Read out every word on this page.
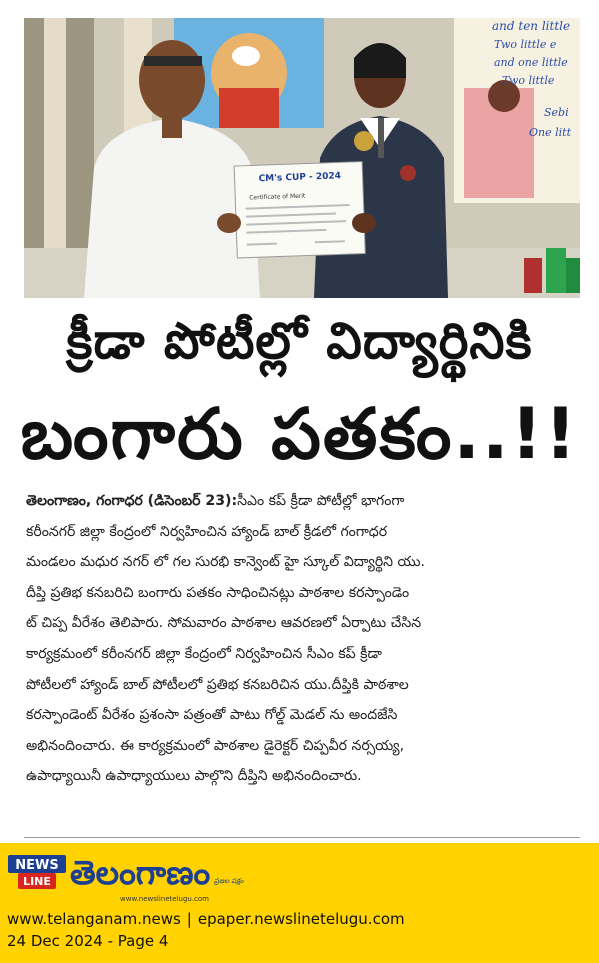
and ten little
Two little e
and one little
Two little
Sebi
One litt
CM's CUP - 2024
Certificate of Merit
క్రీడా పోటీల్లో విద్యార్థినికి
బంగారు పతకం..!!
తెలంగాణం, గంగాధర (డిసెంబర్ 23):సీఎం కప్ క్రీడా పోటీల్లో భాగంగా
కరీంనగర్ జిల్లా కేంద్రంలో నిర్వహించిన హ్యాండ్ బాల్ క్రీడలో గంగాధర
మండలం మధుర నగర్ లో గల సురభి కాన్వెంట్ హై స్కూల్ విద్యార్థిని యు.
దీప్తి ప్రతిభ కనబరిచి బంగారు పతకం సాధించినట్లు పాఠశాల కరస్పాండెం
ట్ చిప్ప వీరేశం తెలిపారు. సోమవారం పాఠశాల ఆవరణలో ఏర్పాటు చేసిన
కార్యక్రమంలో కరీంనగర్ జిల్లా కేంద్రంలో నిర్వహించిన సీఎం కప్ క్రీడా
పోటీలలో హ్యాండ్ బాల్ పోటీలలో ప్రతిభ కనబరిచిన యు.దీప్తికి పాఠశాల
కరస్పాండెంట్ వీరేశం ప్రశంసా పత్రంతో పాటు గోల్డ్ మెడల్ ను అందజేసి
అభినందించారు. ఈ కార్యక్రమంలో పాఠశాల డైరెక్టర్ చిప్పవీర నర్సయ్య,
ఉపాధ్యాయినీ ఉపాధ్యాయులు పాల్గొని దీప్తిని అభినందించారు.
NEWS
LINE తెలంగాణం ప్రజల పక్షం
www.newslinetelugu.com
www.telanganam.news | epaper.newslinetelugu.com
24 Dec 2024 - Page 4
